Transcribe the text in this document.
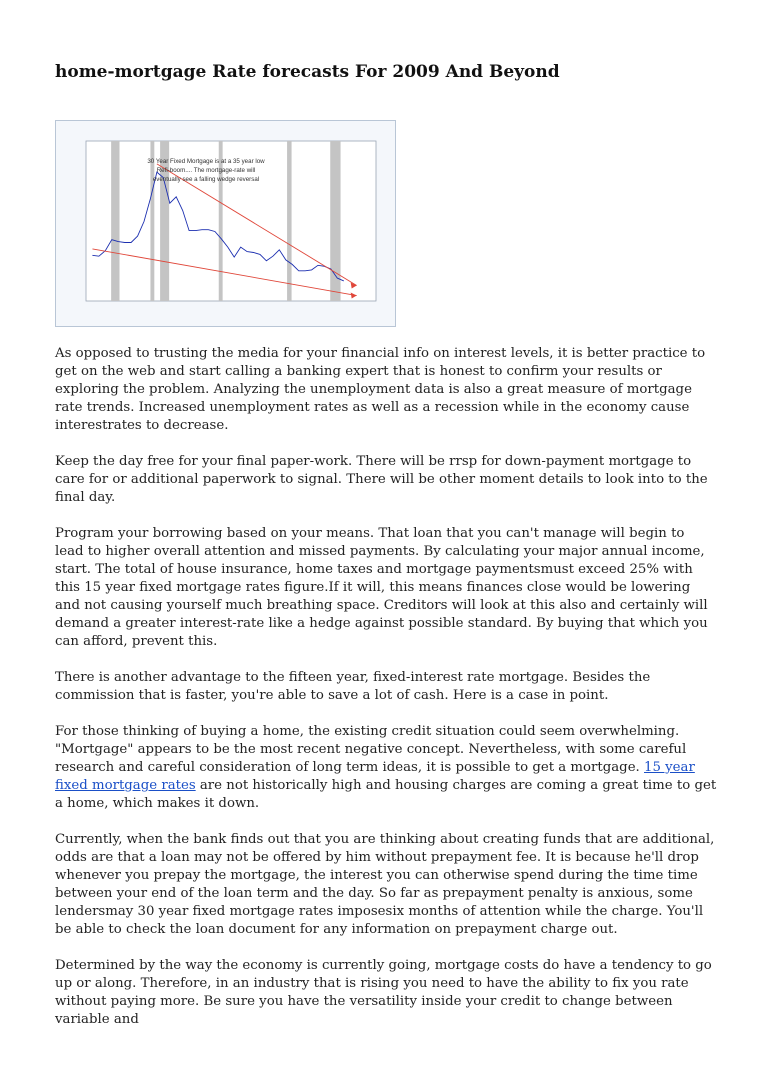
home-mortgage Rate forecasts For 2009 And Beyond
30 Year Fixed Mortgage is at a 35 year low
Refi-boom.... The mortgage-rate will
eventually see a falling wedge reversal

As opposed to trusting the media for your financial info on interest levels, it is better practice to get on the web and start calling a banking expert that is honest to confirm your results or exploring the problem. Analyzing the unemployment data is also a great measure of mortgage rate trends. Increased unemployment rates as well as a recession while in the economy cause interestrates to decrease.

Keep the day free for your final paper-work. There will be rrsp for down-payment mortgage to care for or additional paperwork to signal. There will be other moment details to look into to the final day.

Program your borrowing based on your means. That loan that you can't manage will begin to lead to higher overall attention and missed payments. By calculating your major annual income, start. The total of house insurance, home taxes and mortgage paymentsmust exceed 25% with this 15 year fixed mortgage rates figure.If it will, this means finances close would be lowering and not causing yourself much breathing space. Creditors will look at this also and certainly will demand a greater interest-rate like a hedge against possible standard. By buying that which you can afford, prevent this.

There is another advantage to the fifteen year, fixed-interest rate mortgage. Besides the commission that is faster, you're able to save a lot of cash. Here is a case in point.

For those thinking of buying a home, the existing credit situation could seem overwhelming. "Mortgage" appears to be the most recent negative concept. Nevertheless, with some careful research and careful consideration of long term ideas, it is possible to get a mortgage. 15 year fixed mortgage rates are not historically high and housing charges are coming a great time to get a home, which makes it down.

Currently, when the bank finds out that you are thinking about creating funds that are additional, odds are that a loan may not be offered by him without prepayment fee. It is because he'll drop whenever you prepay the mortgage, the interest you can otherwise spend during the time time between your end of the loan term and the day. So far as prepayment penalty is anxious, some lendersmay 30 year fixed mortgage rates imposesix months of attention while the charge. You'll be able to check the loan document for any information on prepayment charge out.

Determined by the way the economy is currently going, mortgage costs do have a tendency to go up or along. Therefore, in an industry that is rising you need to have the ability to fix you rate without paying more. Be sure you have the versatility inside your credit to change between variable and
